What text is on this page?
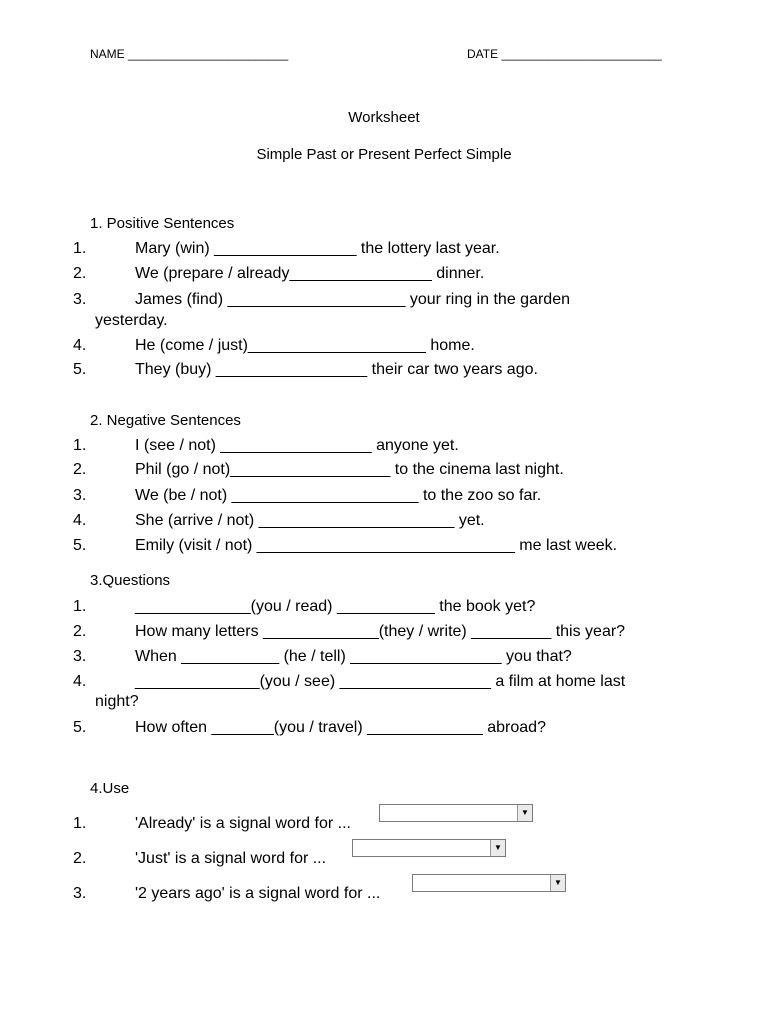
NAME ________________________	DATE ________________________
Worksheet
Simple Past or Present Perfect Simple
1. Positive Sentences
1.	Mary (win) ________________ the lottery last year.
2.	We (prepare / already________________ dinner.
3.	James (find) ____________________ your ring in the garden
yesterday.
4.	He (come / just)____________________ home.
5.	They (buy) _________________ their car two years ago.
2. Negative Sentences
1.	I (see / not) _________________ anyone yet.
2.	Phil (go / not)__________________ to the cinema last night.
3.	We (be / not) _____________________ to the zoo so far.
4.	She (arrive / not) ______________________ yet.
5.	Emily (visit / not) _____________________________ me last week.
3.Questions
1.	_____________(you / read) ___________ the book yet?
2.	How many letters _____________(they / write) _________ this year?
3.	When ___________ (he / tell) _________________ you that?
4.	______________(you / see) _________________ a film at home last
night?
5.	How often _______(you / travel) _____________ abroad?
4.Use
1.	'Already' is a signal word for ...
▼
2.	'Just' is a signal word for ...
▼
3.	'2 years ago' is a signal word for ...
▼
